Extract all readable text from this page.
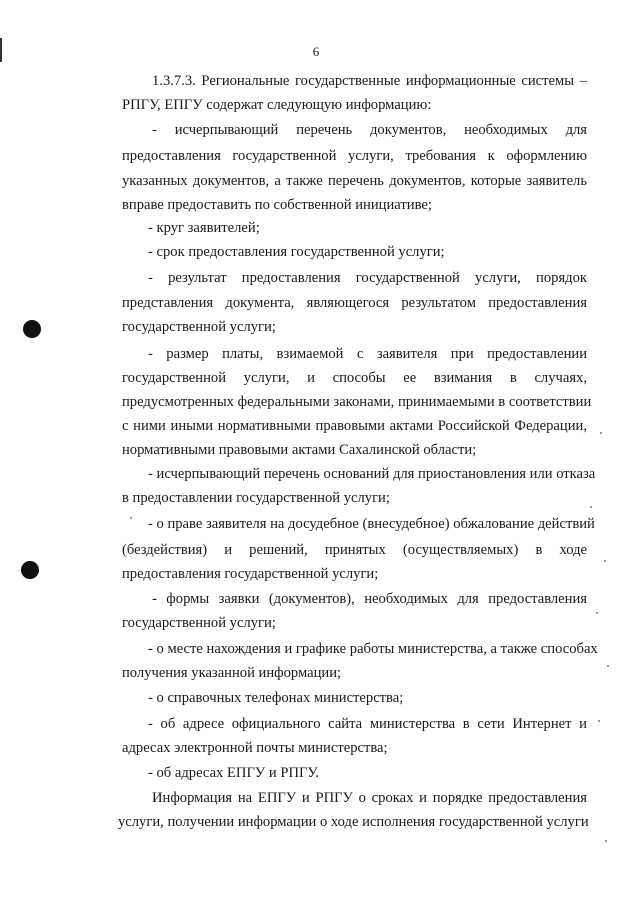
6
1.3.7.3. Региональные государственные информационные системы –
РПГУ, ЕПГУ содержат следующую информацию:
- исчерпывающий перечень документов, необходимых для
предоставления государственной услуги, требования к оформлению
указанных документов, а также перечень документов, которые заявитель
вправе предоставить по собственной инициативе;
- круг заявителей;
- срок предоставления государственной услуги;
- результат предоставления государственной услуги, порядок
представления документа, являющегося результатом предоставления
государственной услуги;
- размер платы, взимаемой с заявителя при предоставлении
государственной услуги, и способы ее взимания в случаях,
предусмотренных федеральными законами, принимаемыми в соответствии
с ними иными нормативными правовыми актами Российской Федерации,
нормативными правовыми актами Сахалинской области;
- исчерпывающий перечень оснований для приостановления или отказа
в предоставлении государственной услуги;
- о праве заявителя на досудебное (внесудебное) обжалование действий
(бездействия) и решений, принятых (осуществляемых) в ходе
предоставления государственной услуги;
- формы заявки (документов), необходимых для предоставления
государственной услуги;
- о месте нахождения и графике работы министерства, а также способах
получения указанной информации;
- о справочных телефонах министерства;
- об адресе официального сайта министерства в сети Интернет и
адресах электронной почты министерства;
- об адресах ЕПГУ и РПГУ.
Информация на ЕПГУ и РПГУ о сроках и порядке предоставления
услуги, получении информации о ходе исполнения государственной услуги
